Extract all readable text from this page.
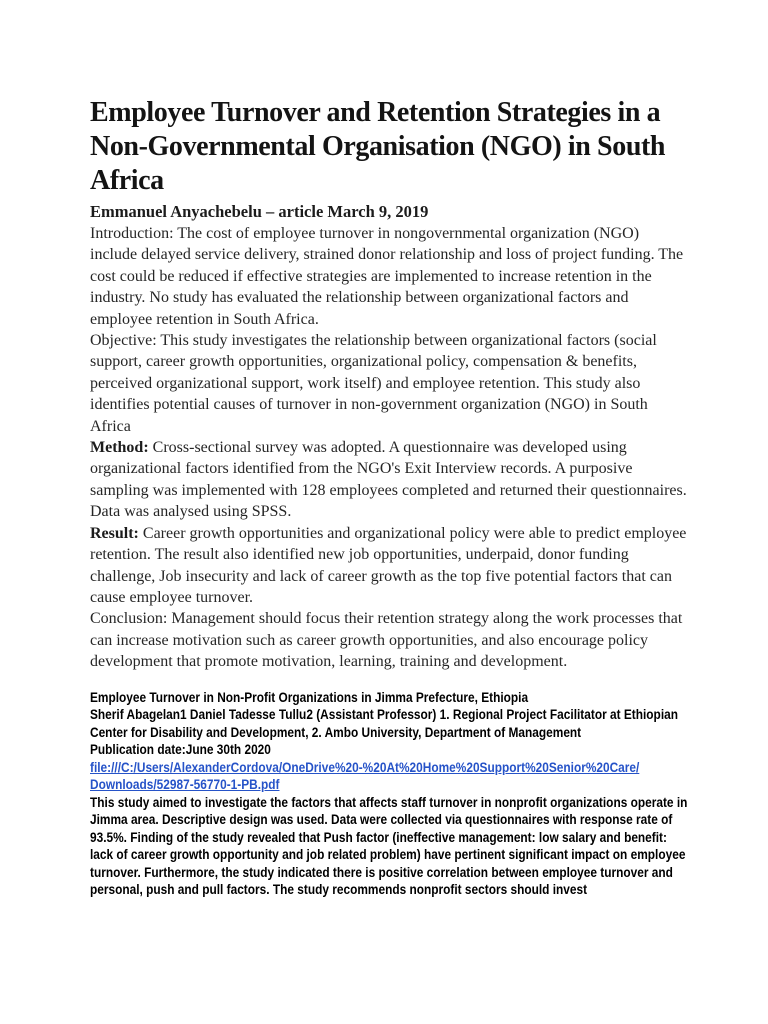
Employee Turnover and Retention Strategies in a Non-Governmental Organisation (NGO) in South Africa
Emmanuel Anyachebelu – article March 9, 2019

Introduction: The cost of employee turnover in nongovernmental organization (NGO) include delayed service delivery, strained donor relationship and loss of project funding. The cost could be reduced if effective strategies are implemented to increase retention in the industry. No study has evaluated the relationship between organizational factors and employee retention in South Africa.

Objective: This study investigates the relationship between organizational factors (social support, career growth opportunities, organizational policy, compensation & benefits, perceived organizational support, work itself) and employee retention. This study also identifies potential causes of turnover in non-government organization (NGO) in South Africa

Method: Cross-sectional survey was adopted. A questionnaire was developed using organizational factors identified from the NGO's Exit Interview records. A purposive sampling was implemented with 128 employees completed and returned their questionnaires. Data was analysed using SPSS.

Result: Career growth opportunities and organizational policy were able to predict employee retention. The result also identified new job opportunities, underpaid, donor funding challenge, Job insecurity and lack of career growth as the top five potential factors that can cause employee turnover.

Conclusion: Management should focus their retention strategy along the work processes that can increase motivation such as career growth opportunities, and also encourage policy development that promote motivation, learning, training and development.

Employee Turnover in Non-Profit Organizations in Jimma Prefecture, Ethiopia
Sherif Abagelan1 Daniel Tadesse Tullu2 (Assistant Professor) 1. Regional Project Facilitator at Ethiopian Center for Disability and Development, 2. Ambo University, Department of Management
Publication date:June 30th 2020
file:///C:/Users/AlexanderCordova/OneDrive%20-%20At%20Home%20Support%20Senior%20Care/
Downloads/52987-56770-1-PB.pdf
This study aimed to investigate the factors that affects staff turnover in nonprofit organizations operate in Jimma area. Descriptive design was used. Data were collected via questionnaires with response rate of 93.5%. Finding of the study revealed that Push factor (ineffective management: low salary and benefit: lack of career growth opportunity and job related problem) have pertinent significant impact on employee turnover. Furthermore, the study indicated there is positive correlation between employee turnover and personal, push and pull factors. The study recommends nonprofit sectors should invest
